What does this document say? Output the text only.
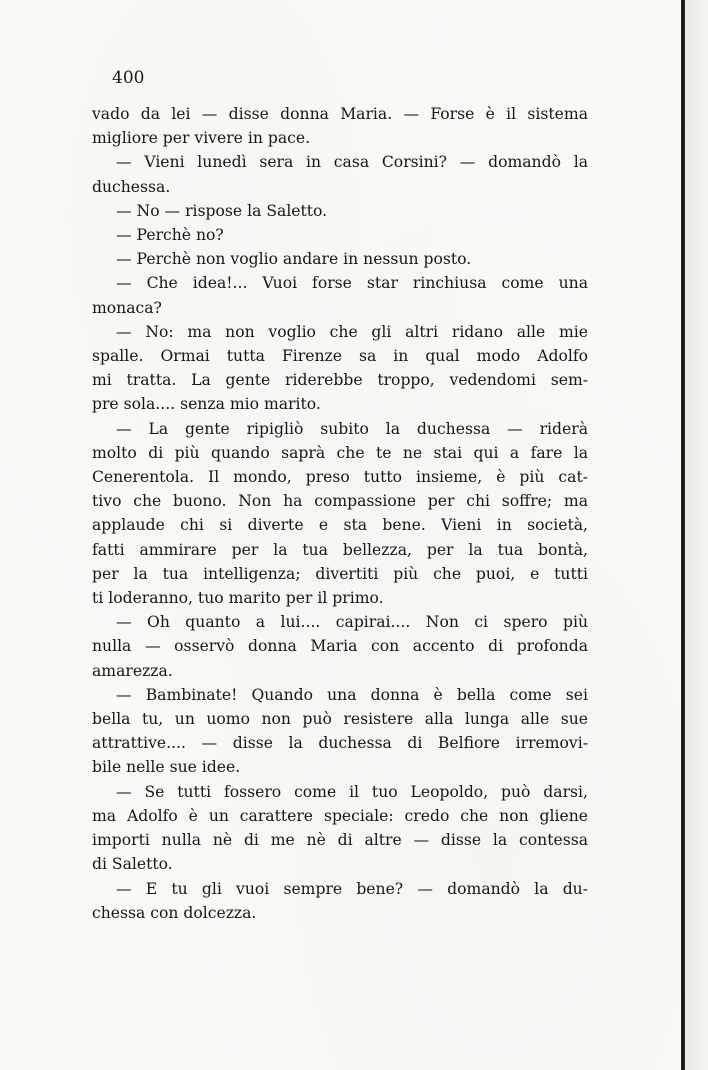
400
vado da lei — disse donna Maria. — Forse è il sistema
migliore per vivere in pace.
— Vieni lunedì sera in casa Corsini? — domandò la
duchessa.
— No — rispose la Saletto.
— Perchè no?
— Perchè non voglio andare in nessun posto.
— Che idea!... Vuoi forse star rinchiusa come una
monaca?
— No: ma non voglio che gli altri ridano alle mie
spalle. Ormai tutta Firenze sa in qual modo Adolfo
mi tratta. La gente riderebbe troppo, vedendomi sem-
pre sola.... senza mio marito.
— La gente ripigliò subito la duchessa — riderà
molto di più quando saprà che te ne stai qui a fare la
Cenerentola. Il mondo, preso tutto insieme, è più cat-
tivo che buono. Non ha compassione per chi soffre; ma
applaude chi si diverte e sta bene. Vieni in società,
fatti ammirare per la tua bellezza, per la tua bontà,
per la tua intelligenza; divertiti più che puoi, e tutti
ti loderanno, tuo marito per il primo.
— Oh quanto a lui.... capirai.... Non ci spero più
nulla — osservò donna Maria con accento di profonda
amarezza.
— Bambinate! Quando una donna è bella come sei
bella tu, un uomo non può resistere alla lunga alle sue
attrattive.... — disse la duchessa di Belfiore irremovi-
bile nelle sue idee.
— Se tutti fossero come il tuo Leopoldo, può darsi,
ma Adolfo è un carattere speciale: credo che non gliene
importi nulla nè di me nè di altre — disse la contessa
di Saletto.
— E tu gli vuoi sempre bene? — domandò la du-
chessa con dolcezza.
